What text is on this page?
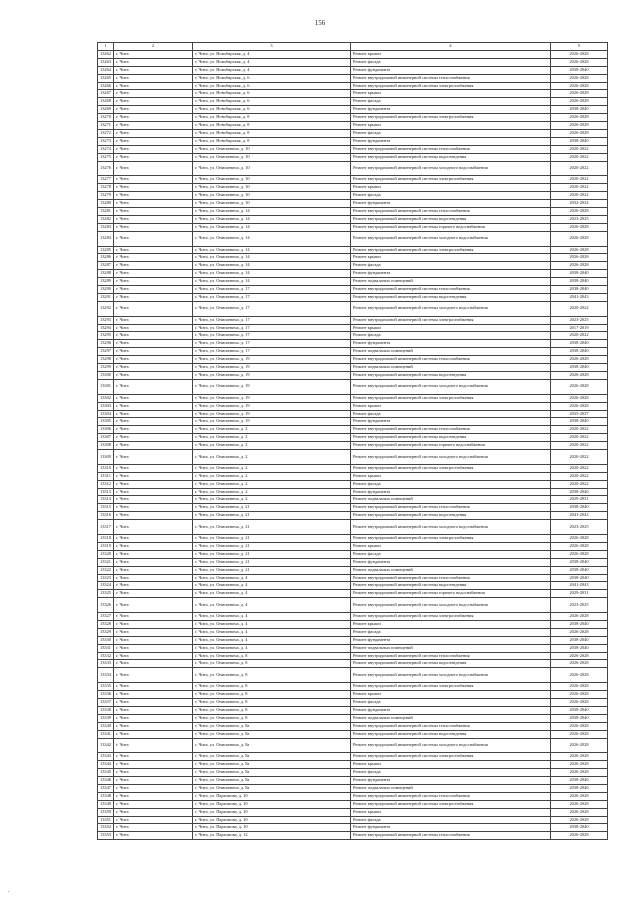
156
1	2	3	4	5
13262	г. Чита	г. Чита, ул. Новобирская, д. 4	Ремонт крыши	2026-2028
13263	г. Чита	г. Чита, ул. Новобирская, д. 4	Ремонт фасада	2026-2028
13264	г. Чита	г. Чита, ул. Новобирская, д. 4	Ремонт фундамента	2038-2040
13265	г. Чита	г. Чита, ул. Новобирская, д. 6	Ремонт внутридомовой инженерной системы теплоснабжения	2026-2028
13266	г. Чита	г. Чита, ул. Новобирская, д. 6	Ремонт внутридомовой инженерной системы электроснабжения	2026-2028
13267	г. Чита	г. Чита, ул. Новобирская, д. 6	Ремонт крыши	2026-2028
13268	г. Чита	г. Чита, ул. Новобирская, д. 6	Ремонт фасада	2026-2028
13269	г. Чита	г. Чита, ул. Новобирская, д. 6	Ремонт фундамента	2038-2040
13270	г. Чита	г. Чита, ул. Новобирская, д. 8	Ремонт внутридомовой инженерной системы электроснабжения	2026-2028
13271	г. Чита	г. Чита, ул. Новобирская, д. 8	Ремонт крыши	2026-2028
13272	г. Чита	г. Чита, ул. Новобирская, д. 8	Ремонт фасада	2026-2028
13273	г. Чита	г. Чита, ул. Новобирская, д. 8	Ремонт фундамента	2038-2040
13274	г. Чита	г. Чита, ул. Онискевича, д. 10	Ремонт внутридомовой инженерной системы теплоснабжения	2020-2022
13275	г. Чита	г. Чита, ул. Онискевича, д. 10	Ремонт внутридомовой инженерной системы водоотведения	2020-2022
13276	г. Чита	г. Чита, ул. Онискевича, д. 10	Ремонт внутридомовой инженерной системы холодного водоснабжения	2020-2022
13277	г. Чита	г. Чита, ул. Онискевича, д. 10	Ремонт внутридомовой инженерной системы электроснабжения	2020-2022
13278	г. Чита	г. Чита, ул. Онискевича, д. 10	Ремонт крыши	2020-2022
13279	г. Чита	г. Чита, ул. Онискевича, д. 10	Ремонт фасада	2020-2022
13280	г. Чита	г. Чита, ул. Онискевича, д. 10	Ремонт фундамента	2032-2034
13281	г. Чита	г. Чита, ул. Онискевича, д. 14	Ремонт внутридомовой инженерной системы теплоснабжения	2026-2028
13282	г. Чита	г. Чита, ул. Онискевича, д. 14	Ремонт внутридомовой инженерной системы водоотведения	2023-2025
13283	г. Чита	г. Чита, ул. Онискевича, д. 14	Ремонт внутридомовой инженерной системы горячего водоснабжения	2026-2028
13284	г. Чита	г. Чита, ул. Онискевича, д. 14	Ремонт внутридомовой инженерной системы холодного водоснабжения	2026-2028
13285	г. Чита	г. Чита, ул. Онискевича, д. 14	Ремонт внутридомовой инженерной системы электроснабжения	2026-2028
13286	г. Чита	г. Чита, ул. Онискевича, д. 14	Ремонт крыши	2026-2028
13287	г. Чита	г. Чита, ул. Онискевича, д. 14	Ремонт фасада	2026-2028
13288	г. Чита	г. Чита, ул. Онискевича, д. 14	Ремонт фундамента	2038-2040
13289	г. Чита	г. Чита, ул. Онискевича, д. 14	Ремонт подвальных помещений	2038-2040
13290	г. Чита	г. Чита, ул. Онискевича, д. 17	Ремонт внутридомовой инженерной системы теплоснабжения	2038-2040
13291	г. Чита	г. Чита, ул. Онискевича, д. 17	Ремонт внутридомовой инженерной системы водоотведения	2041-2043
13292	г. Чита	г. Чита, ул. Онискевича, д. 17	Ремонт внутридомовой инженерной системы холодного водоснабжения	2020-2022
13293	г. Чита	г. Чита, ул. Онискевича, д. 17	Ремонт внутридомовой инженерной системы электроснабжения	2023-2025
13294	г. Чита	г. Чита, ул. Онискевича, д. 17	Ремонт крыши	2017-2019
13295	г. Чита	г. Чита, ул. Онискевича, д. 17	Ремонт фасада	2020-2022
13296	г. Чита	г. Чита, ул. Онискевича, д. 17	Ремонт фундамента	2038-2040
13297	г. Чита	г. Чита, ул. Онискевича, д. 17	Ремонт подвальных помещений	2038-2040
13298	г. Чита	г. Чита, ул. Онискевича, д. 19	Ремонт внутридомовой инженерной системы теплоснабжения	2026-2028
13299	г. Чита	г. Чита, ул. Онискевича, д. 19	Ремонт подвальных помещений	2038-2040
13300	г. Чита	г. Чита, ул. Онискевича, д. 19	Ремонт внутридомовой инженерной системы водоотведения	2026-2028
13301	г. Чита	г. Чита, ул. Онискевича, д. 19	Ремонт внутридомовой инженерной системы холодного водоснабжения	2026-2028
13302	г. Чита	г. Чита, ул. Онискевича, д. 19	Ремонт внутридомовой инженерной системы электроснабжения	2026-2028
13303	г. Чита	г. Чита, ул. Онискевича, д. 19	Ремонт крыши	2026-2028
13304	г. Чита	г. Чита, ул. Онискевича, д. 19	Ремонт фасада	2035-2037
13305	г. Чита	г. Чита, ул. Онискевича, д. 19	Ремонт фундамента	2038-2040
13306	г. Чита	г. Чита, ул. Онискевича, д. 2	Ремонт внутридомовой инженерной системы теплоснабжения	2020-2022
13307	г. Чита	г. Чита, ул. Онискевича, д. 2	Ремонт внутридомовой инженерной системы водоотведения	2020-2022
13308	г. Чита	г. Чита, ул. Онискевича, д. 2	Ремонт внутридомовой инженерной системы горячего водоснабжения	2020-2022
13309	г. Чита	г. Чита, ул. Онискевича, д. 2	Ремонт внутридомовой инженерной системы холодного водоснабжения	2020-2022
13310	г. Чита	г. Чита, ул. Онискевича, д. 2	Ремонт внутридомовой инженерной системы электроснабжения	2020-2022
13311	г. Чита	г. Чита, ул. Онискевича, д. 2	Ремонт крыши	2020-2022
13312	г. Чита	г. Чита, ул. Онискевича, д. 2	Ремонт фасада	2020-2022
13313	г. Чита	г. Чита, ул. Онискевича, д. 2	Ремонт фундамента	2038-2040
13314	г. Чита	г. Чита, ул. Онискевича, д. 2	Ремонт подвальных помещений	2029-2031
13315	г. Чита	г. Чита, ул. Онискевича, д. 21	Ремонт внутридомовой инженерной системы теплоснабжения	2038-2040
13316	г. Чита	г. Чита, ул. Онискевича, д. 21	Ремонт внутридомовой инженерной системы водоотведения	2041-2043
13317	г. Чита	г. Чита, ул. Онискевича, д. 21	Ремонт внутридомовой инженерной системы холодного водоснабжения	2023-2025
13318	г. Чита	г. Чита, ул. Онискевича, д. 21	Ремонт внутридомовой инженерной системы электроснабжения	2026-2028
13319	г. Чита	г. Чита, ул. Онискевича, д. 21	Ремонт крыши	2026-2028
13320	г. Чита	г. Чита, ул. Онискевича, д. 21	Ремонт фасада	2026-2028
13321	г. Чита	г. Чита, ул. Онискевича, д. 21	Ремонт фундамента	2038-2040
13322	г. Чита	г. Чита, ул. Онискевича, д. 21	Ремонт подвальных помещений	2038-2040
13323	г. Чита	г. Чита, ул. Онискевича, д. 4	Ремонт внутридомовой инженерной системы теплоснабжения	2038-2040
13324	г. Чита	г. Чита, ул. Онискевича, д. 4	Ремонт внутридомовой инженерной системы водоотведения	2041-2043
13325	г. Чита	г. Чита, ул. Онискевича, д. 4	Ремонт внутридомовой инженерной системы горячего водоснабжения	2029-2031
13326	г. Чита	г. Чита, ул. Онискевича, д. 4	Ремонт внутридомовой инженерной системы холодного водоснабжения	2023-2025
13327	г. Чита	г. Чита, ул. Онискевича, д. 4	Ремонт внутридомовой инженерной системы электроснабжения	2026-2028
13328	г. Чита	г. Чита, ул. Онискевича, д. 4	Ремонт крыши	2038-2040
13329	г. Чита	г. Чита, ул. Онискевича, д. 4	Ремонт фасада	2026-2028
13330	г. Чита	г. Чита, ул. Онискевича, д. 4	Ремонт фундамента	2038-2040
13331	г. Чита	г. Чита, ул. Онискевича, д. 4	Ремонт подвальных помещений	2038-2040
13332	г. Чита	г. Чита, ул. Онискевича, д. 8	Ремонт внутридомовой инженерной системы теплоснабжения	2026-2028
13333	г. Чита	г. Чита, ул. Онискевича, д. 8	Ремонт внутридомовой инженерной системы водоотведения	2026-2028
13334	г. Чита	г. Чита, ул. Онискевича, д. 8	Ремонт внутридомовой инженерной системы холодного водоснабжения	2026-2028
13335	г. Чита	г. Чита, ул. Онискевича, д. 8	Ремонт внутридомовой инженерной системы электроснабжения	2026-2028
13336	г. Чита	г. Чита, ул. Онискевича, д. 8	Ремонт крыши	2026-2028
13337	г. Чита	г. Чита, ул. Онискевича, д. 8	Ремонт фасада	2026-2028
13338	г. Чита	г. Чита, ул. Онискевича, д. 8	Ремонт фундамента	2038-2040
13339	г. Чита	г. Чита, ул. Онискевича, д. 8	Ремонт подвальных помещений	2038-2040
13340	г. Чита	г. Чита, ул. Онискевича, д. 8а	Ремонт внутридомовой инженерной системы теплоснабжения	2026-2028
13341	г. Чита	г. Чита, ул. Онискевича, д. 8а	Ремонт внутридомовой инженерной системы водоотведения	2026-2028
13342	г. Чита	г. Чита, ул. Онискевича, д. 8а	Ремонт внутридомовой инженерной системы холодного водоснабжения	2026-2028
13343	г. Чита	г. Чита, ул. Онискевича, д. 8а	Ремонт внутридомовой инженерной системы электроснабжения	2026-2028
13344	г. Чита	г. Чита, ул. Онискевича, д. 8а	Ремонт крыши	2026-2028
13345	г. Чита	г. Чита, ул. Онискевича, д. 8а	Ремонт фасада	2026-2028
13346	г. Чита	г. Чита, ул. Онискевича, д. 8а	Ремонт фундамента	2038-2040
13347	г. Чита	г. Чита, ул. Онискевича, д. 8а	Ремонт подвальных помещений	2038-2040
13348	г. Чита	г. Чита, ул. Пархомова, д. 10	Ремонт внутридомовой инженерной системы теплоснабжения	2026-2028
13349	г. Чита	г. Чита, ул. Пархомова, д. 10	Ремонт внутридомовой инженерной системы электроснабжения	2026-2028
13350	г. Чита	г. Чита, ул. Пархомова, д. 10	Ремонт крыши	2026-2028
13351	г. Чита	г. Чита, ул. Пархомова, д. 10	Ремонт фасада	2026-2028
13352	г. Чита	г. Чита, ул. Пархомова, д. 10	Ремонт фундамента	2038-2040
13353	г. Чита	г. Чита, ул. Пархомова, д. 12	Ремонт внутридомовой инженерной системы теплоснабжения	2026-2028
.
